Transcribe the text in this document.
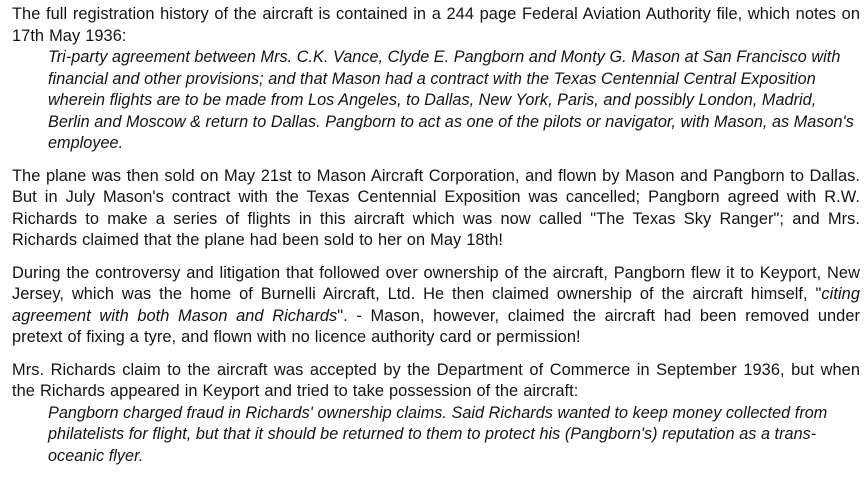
The full registration history of the aircraft is contained in a 244 page Federal Aviation Authority file, which notes on 17th May 1936:

Tri-party agreement between Mrs. C.K. Vance, Clyde E. Pangborn and Monty G. Mason at San Francisco with financial and other provisions; and that Mason had a contract with the Texas Centennial Central Exposition wherein flights are to be made from Los Angeles, to Dallas, New York, Paris, and possibly London, Madrid, Berlin and Moscow & return to Dallas. Pangborn to act as one of the pilots or navigator, with Mason, as Mason's employee.

The plane was then sold on May 21st to Mason Aircraft Corporation, and flown by Mason and Pangborn to Dallas. But in July Mason's contract with the Texas Centennial Exposition was cancelled; Pangborn agreed with R.W. Richards to make a series of flights in this aircraft which was now called "The Texas Sky Ranger"; and Mrs. Richards claimed that the plane had been sold to her on May 18th!

During the controversy and litigation that followed over ownership of the aircraft, Pangborn flew it to Keyport, New Jersey, which was the home of Burnelli Aircraft, Ltd. He then claimed ownership of the aircraft himself, "citing agreement with both Mason and Richards". - Mason, however, claimed the aircraft had been removed under pretext of fixing a tyre, and flown with no licence authority card or permission!

Mrs. Richards claim to the aircraft was accepted by the Department of Commerce in September 1936, but when the Richards appeared in Keyport and tried to take possession of the aircraft:

Pangborn charged fraud in Richards' ownership claims. Said Richards wanted to keep money collected from philatelists for flight, but that it should be returned to them to protect his (Pangborn's) reputation as a trans-oceanic flyer.
